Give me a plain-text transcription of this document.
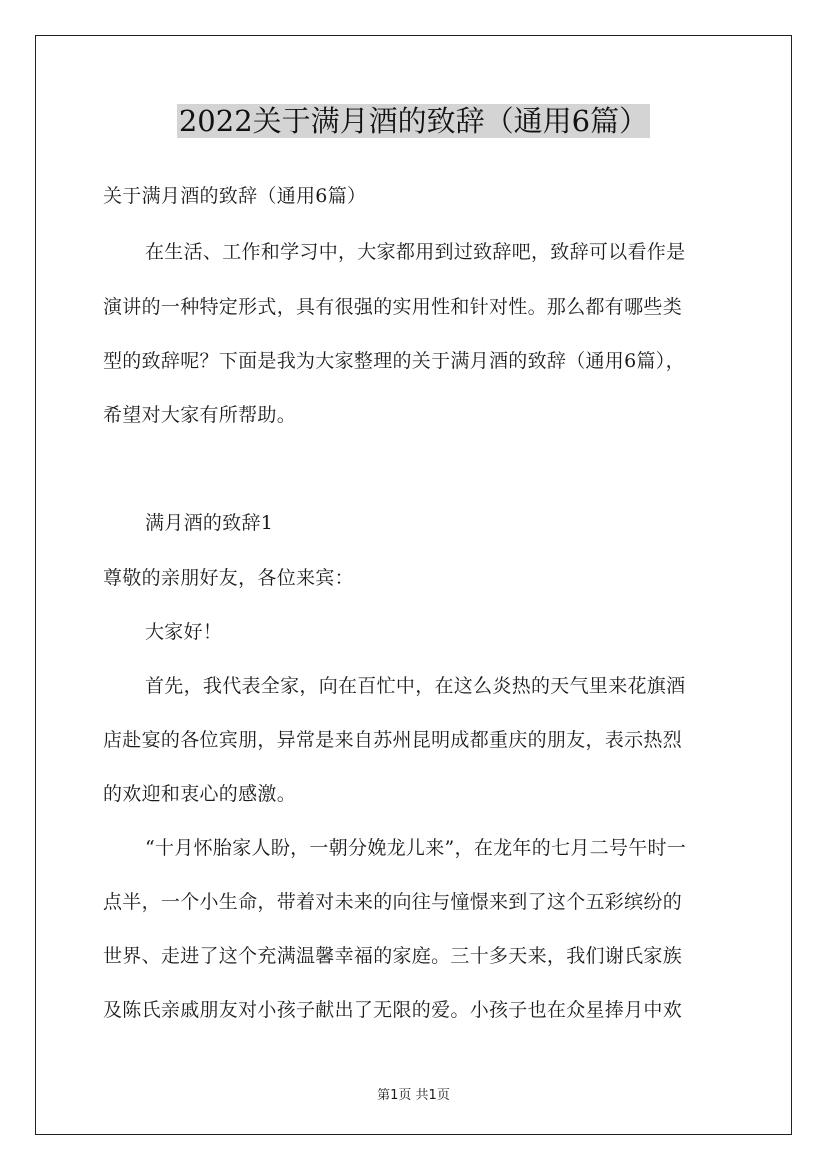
2022关于满月酒的致辞（通用6篇）
关于满月酒的致辞（通用6篇）
在生活、工作和学习中，大家都用到过致辞吧，致辞可以看作是
演讲的一种特定形式，具有很强的实用性和针对性。那么都有哪些类
型的致辞呢？下面是我为大家整理的关于满月酒的致辞（通用6篇），
希望对大家有所帮助。
满月酒的致辞1
尊敬的亲朋好友，各位来宾：
大家好！
首先，我代表全家，向在百忙中，在这么炎热的天气里来花旗酒
店赴宴的各位宾朋，异常是来自苏州昆明成都重庆的朋友，表示热烈
的欢迎和衷心的感激。
“十月怀胎家人盼，一朝分娩龙儿来”，在龙年的七月二号午时一
点半，一个小生命，带着对未来的向往与憧憬来到了这个五彩缤纷的
世界、走进了这个充满温馨幸福的家庭。三十多天来，我们谢氏家族
及陈氏亲戚朋友对小孩子献出了无限的爱。小孩子也在众星捧月中欢
第1页 共1页
